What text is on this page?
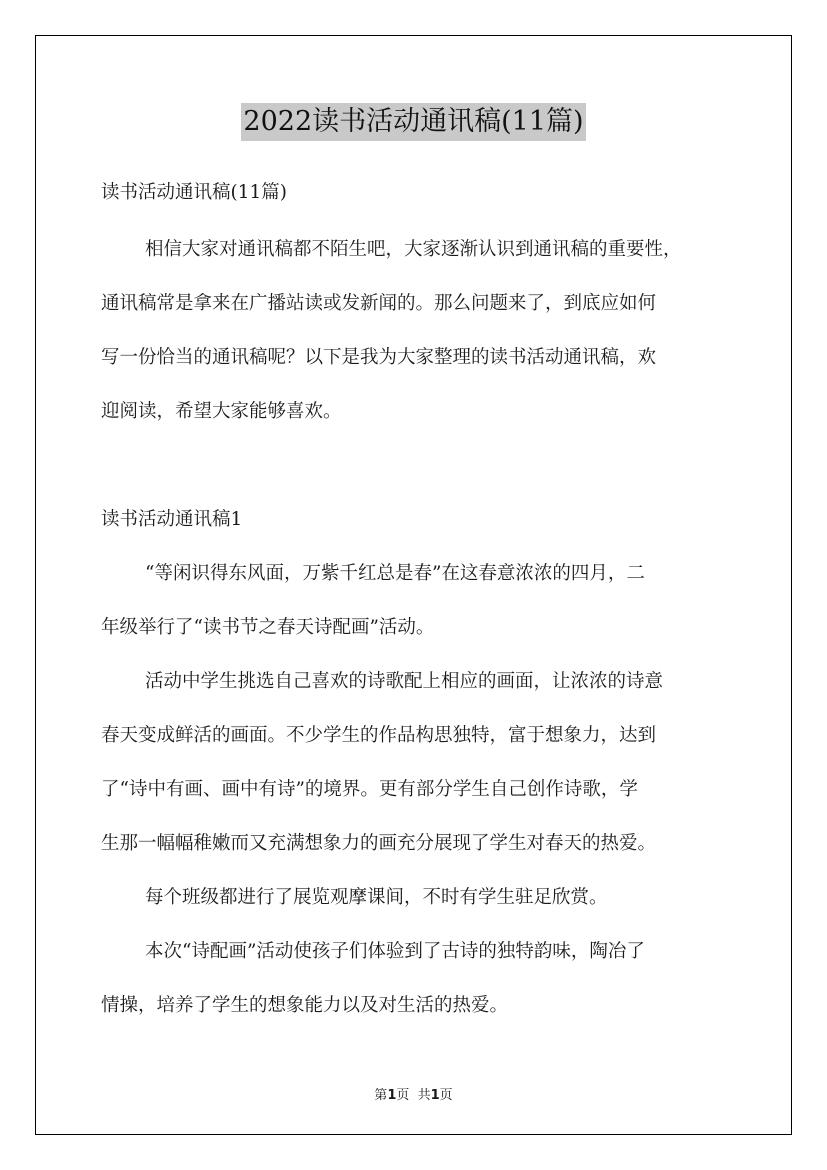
2022读书活动通讯稿(11篇)
读书活动通讯稿(11篇)
相信大家对通讯稿都不陌生吧，大家逐渐认识到通讯稿的重要性，
通讯稿常是拿来在广播站读或发新闻的。那么问题来了，到底应如何
写一份恰当的通讯稿呢？以下是我为大家整理的读书活动通讯稿，欢
迎阅读，希望大家能够喜欢。
读书活动通讯稿1
“等闲识得东风面，万紫千红总是春”在这春意浓浓的四月，二
年级举行了“读书节之春天诗配画”活动。
活动中学生挑选自己喜欢的诗歌配上相应的画面，让浓浓的诗意
春天变成鲜活的画面。不少学生的作品构思独特，富于想象力，达到
了“诗中有画、画中有诗”的境界。更有部分学生自己创作诗歌，学
生那一幅幅稚嫩而又充满想象力的画充分展现了学生对春天的热爱。
每个班级都进行了展览观摩课间，不时有学生驻足欣赏。
本次“诗配画”活动使孩子们体验到了古诗的独特韵味，陶冶了
情操，培养了学生的想象能力以及对生活的热爱。
第1页  共1页
